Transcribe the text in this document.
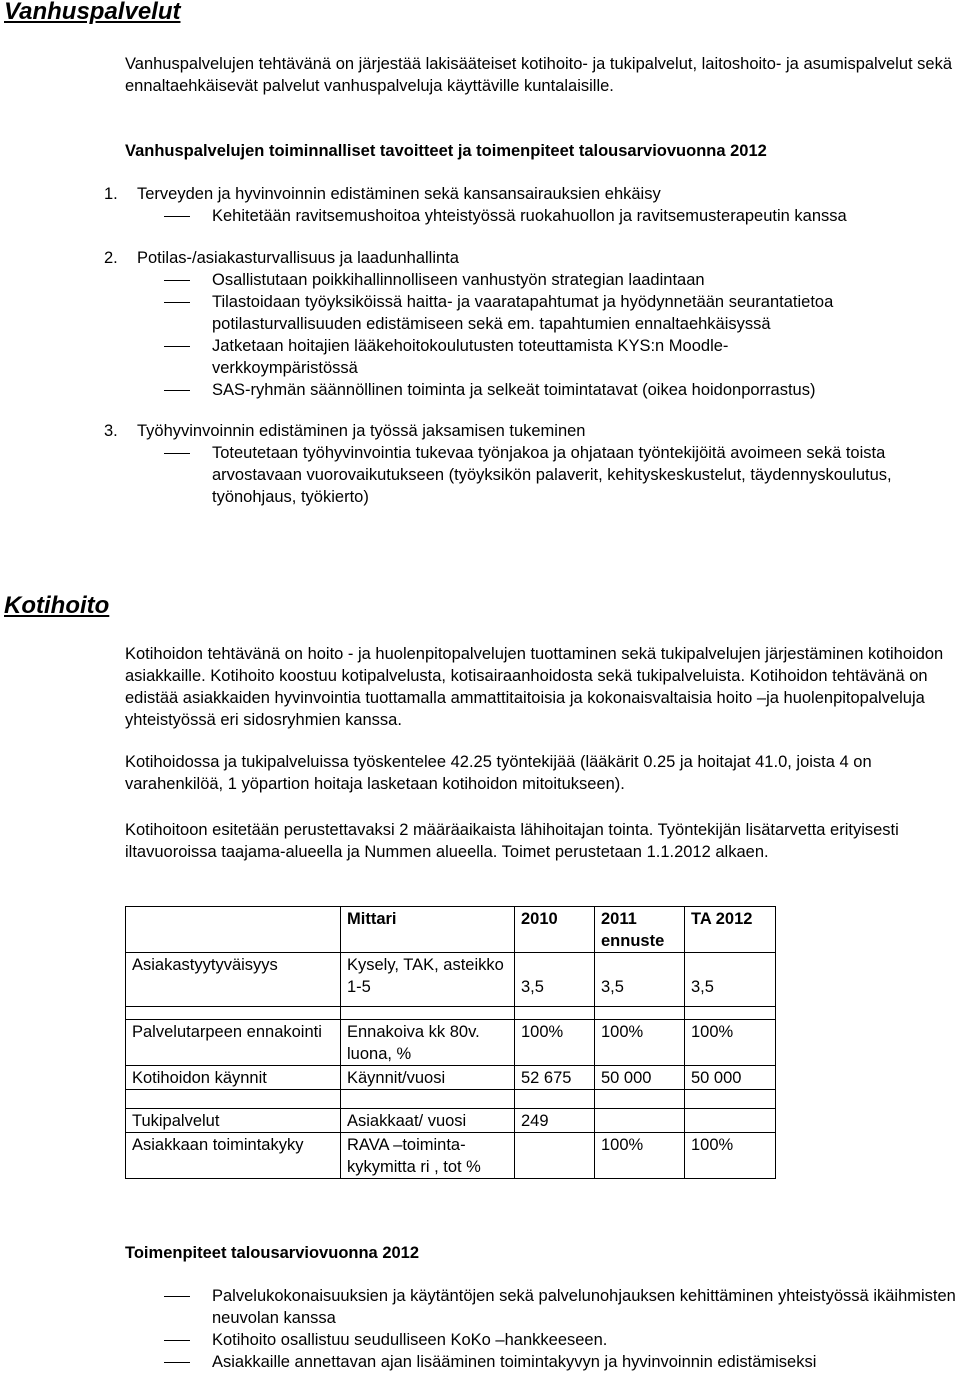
Vanhuspalvelut

Vanhuspalvelujen tehtävänä on järjestää lakisääteiset kotihoito- ja tukipalvelut, laitoshoito- ja asumispalvelut sekä ennaltaehkäisevät palvelut vanhuspalveluja käyttäville kuntalaisille.

Vanhuspalvelujen toiminnalliset tavoitteet ja toimenpiteet talousarviovuonna 2012

1. Terveyden ja hyvinvoinnin edistäminen sekä kansansairauksien ehkäisy

Kehitetään ravitsemushoitoa yhteistyössä ruokahuollon ja ravitsemusterapeutin kanssa

2. Potilas-/asiakasturvallisuus ja laadunhallinta

Osallistutaan poikkihallinnolliseen vanhustyön strategian laadintaan

Tilastoidaan työyksiköissä haitta- ja vaaratapahtumat ja hyödynnetään seurantatietoa potilasturvallisuuden edistämiseen sekä em. tapahtumien ennaltaehkäisyssä

Jatketaan hoitajien lääkehoitokoulutusten toteuttamista KYS:n Moodle-verkkoympäristössä

SAS-ryhmän säännöllinen toiminta ja selkeät toimintatavat (oikea hoidonporrastus)

3. Työhyvinvoinnin edistäminen ja työssä jaksamisen tukeminen

Toteutetaan työhyvinvointia tukevaa työnjakoa ja ohjataan työntekijöitä avoimeen sekä toista arvostavaan vuorovaikutukseen (työyksikön palaverit, kehityskeskustelut, täydennyskoulutus, työnohjaus, työkierto)

Kotihoito

Kotihoidon tehtävänä on hoito - ja huolenpitopalvelujen tuottaminen sekä tukipalvelujen järjestäminen kotihoidon asiakkaille. Kotihoito koostuu kotipalvelusta, kotisairaanhoidosta sekä tukipalveluista. Kotihoidon tehtävänä on edistää asiakkaiden hyvinvointia tuottamalla ammattitaitoisia ja kokonaisvaltaisia hoito –ja huolenpitopalveluja yhteistyössä eri sidosryhmien kanssa.

Kotihoidossa ja tukipalveluissa työskentelee 42.25 työntekijää (lääkärit 0.25 ja hoitajat 41.0, joista 4 on varahenkilöä, 1 yöpartion hoitaja lasketaan kotihoidon mitoitukseen).

Kotihoitoon esitetään perustettavaksi 2 määräaikaista lähihoitajan tointa. Työntekijän lisätarvetta erityisesti iltavuoroissa taajama-alueella ja Nummen alueella. Toimet perustetaan 1.1.2012 alkaen.

	Mittari	2010	2011 ennuste	TA 2012
Asiakastyytyväisyys	Kysely, TAK, asteikko 1-5	3,5	3,5	3,5

Palvelutarpeen ennakointi	Ennakoiva kk 80v. luona, %	100%	100%	100%
Kotihoidon käynnit	Käynnit/vuosi	52 675	50 000	50 000

Tukipalvelut	Asiakkaat/ vuosi	249		
Asiakkaan toimintakyky	RAVA –toiminta-kykymitta ri , tot %		100%	100%

Toimenpiteet talousarviovuonna 2012

Palvelukokonaisuuksien ja käytäntöjen sekä palvelunohjauksen kehittäminen yhteistyössä ikäihmisten neuvolan kanssa

Kotihoito osallistuu seudulliseen KoKo –hankkeeseen.

Asiakkaille annettavan ajan lisääminen toimintakyvyn ja hyvinvoinnin edistämiseksi
